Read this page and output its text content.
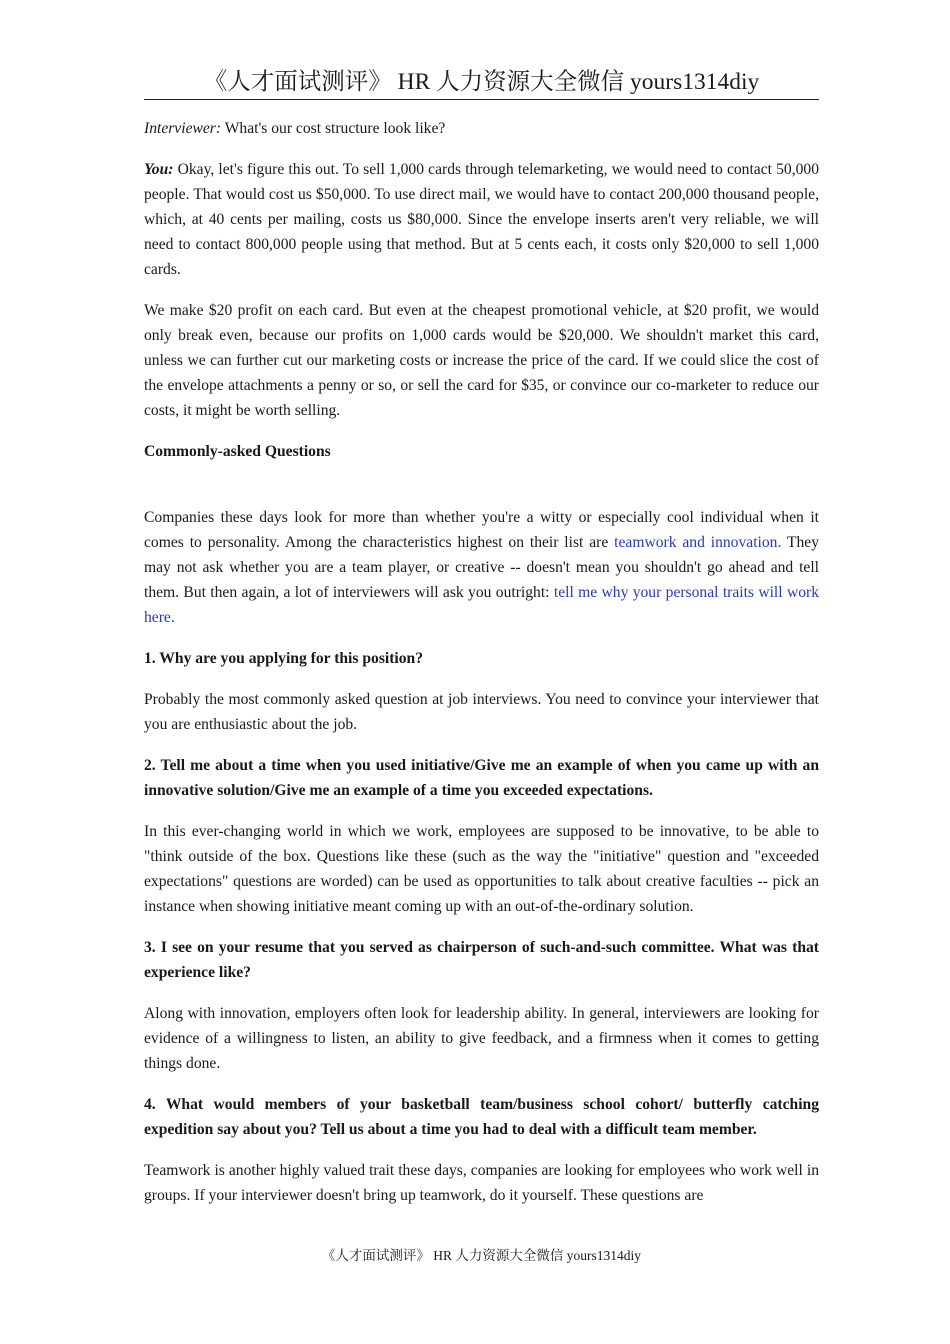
《人才面试测评》 HR 人力资源大全微信 yours1314diy

Interviewer: What's our cost structure look like?

You: Okay, let's figure this out. To sell 1,000 cards through telemarketing, we would need to contact 50,000 people. That would cost us $50,000. To use direct mail, we would have to contact 200,000 thousand people, which, at 40 cents per mailing, costs us $80,000. Since the envelope inserts aren't very reliable, we will need to contact 800,000 people using that method. But at 5 cents each, it costs only $20,000 to sell 1,000 cards.

We make $20 profit on each card. But even at the cheapest promotional vehicle, at $20 profit, we would only break even, because our profits on 1,000 cards would be $20,000. We shouldn't market this card, unless we can further cut our marketing costs or increase the price of the card. If we could slice the cost of the envelope attachments a penny or so, or sell the card for $35, or convince our co-marketer to reduce our costs, it might be worth selling.

Commonly-asked Questions

Companies these days look for more than whether you're a witty or especially cool individual when it comes to personality. Among the characteristics highest on their list are teamwork and innovation. They may not ask whether you are a team player, or creative -- doesn't mean you shouldn't go ahead and tell them. But then again, a lot of interviewers will ask you outright: tell me why your personal traits will work here.

1. Why are you applying for this position?

Probably the most commonly asked question at job interviews. You need to convince your interviewer that you are enthusiastic about the job.

2. Tell me about a time when you used initiative/Give me an example of when you came up with an innovative solution/Give me an example of a time you exceeded expectations.

In this ever-changing world in which we work, employees are supposed to be innovative, to be able to "think outside of the box. Questions like these (such as the way the "initiative" question and "exceeded expectations" questions are worded) can be used as opportunities to talk about creative faculties -- pick an instance when showing initiative meant coming up with an out-of-the-ordinary solution.

3. I see on your resume that you served as chairperson of such-and-such committee. What was that experience like?

Along with innovation, employers often look for leadership ability. In general, interviewers are looking for evidence of a willingness to listen, an ability to give feedback, and a firmness when it comes to getting things done.

4. What would members of your basketball team/business school cohort/ butterfly catching expedition say about you? Tell us about a time you had to deal with a difficult team member.

Teamwork is another highly valued trait these days, companies are looking for employees who work well in groups. If your interviewer doesn't bring up teamwork, do it yourself. These questions are

《人才面试测评》 HR 人力资源大全微信 yours1314diy
